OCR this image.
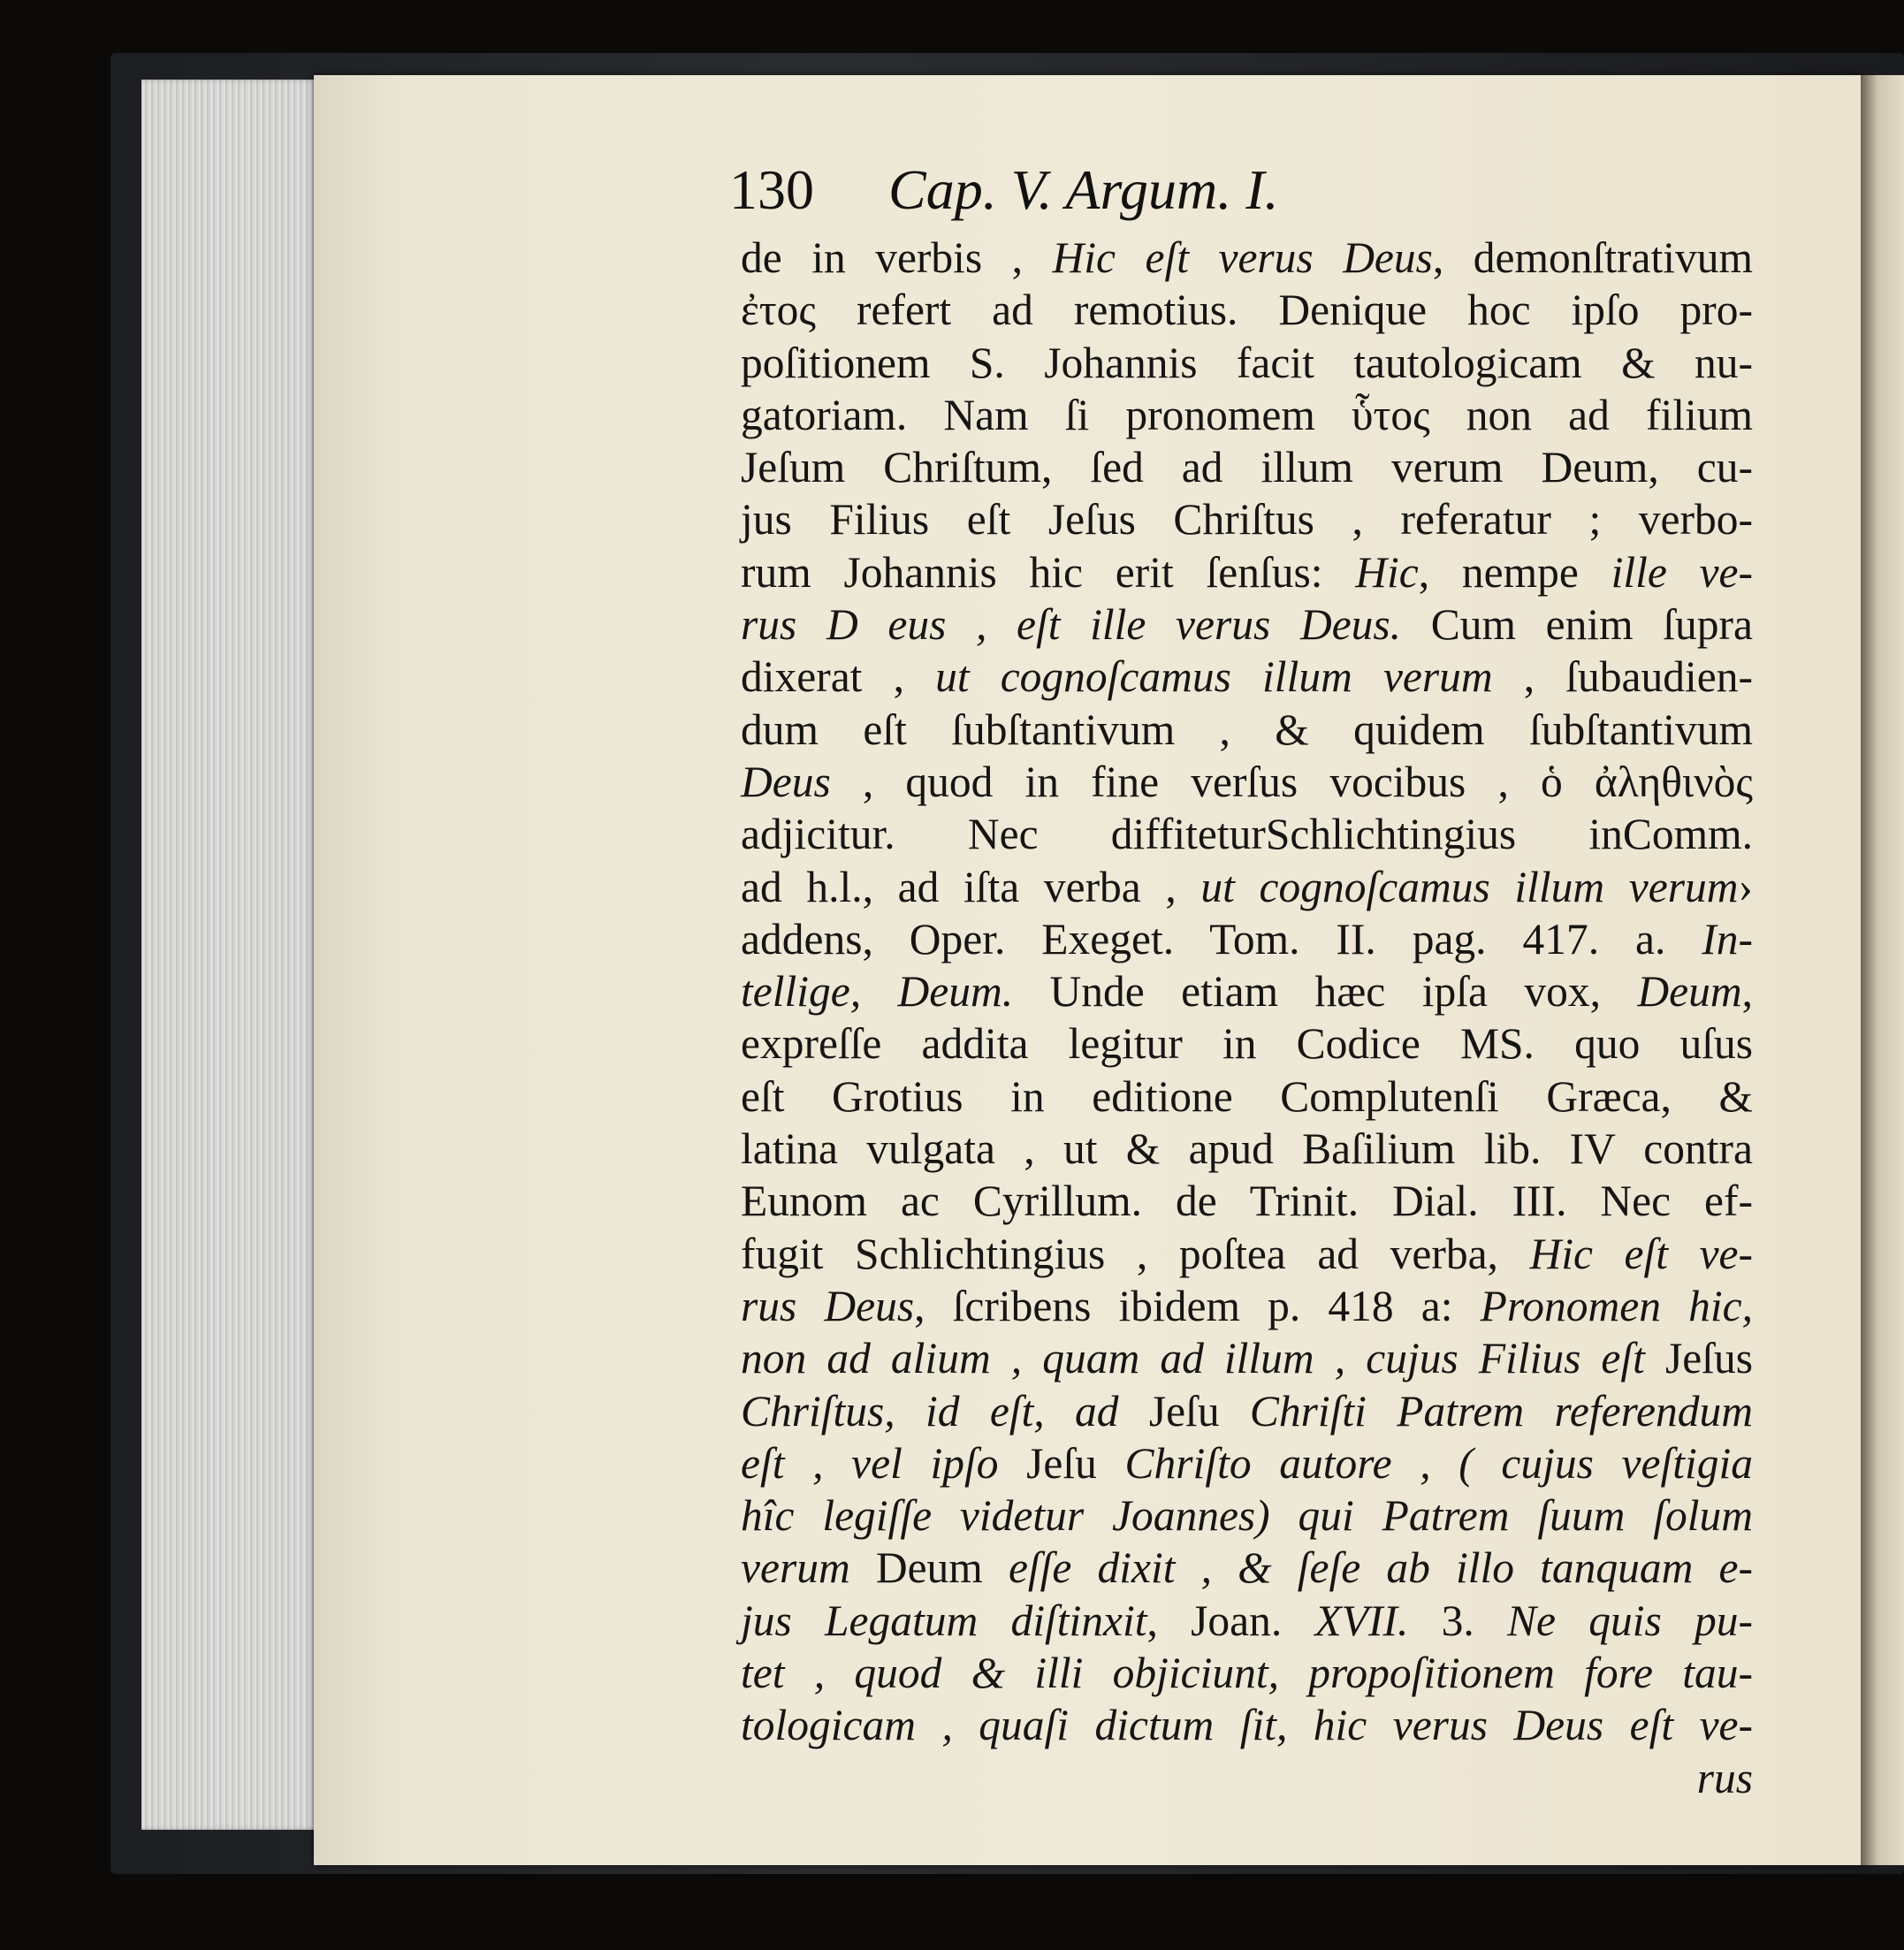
130 Cap. V. Argum. I.
de in verbis , Hic eſt verus Deus, demonſtrativum
ἐτος refert ad remotius. Denique hoc ipſo pro-
poſitionem S. Johannis facit tautologicam & nu-
gatoriam. Nam ſi pronomem ὗτος non ad filium
Jeſum Chriſtum, ſed ad illum verum Deum, cu-
jus Filius eſt Jeſus Chriſtus , referatur ; verbo-
rum Johannis hic erit ſenſus: Hic, nempe ille ve-
rus D eus , eſt ille verus Deus. Cum enim ſupra
dixerat , ut cognoſcamus illum verum , ſubaudien-
dum eſt ſubſtantivum , & quidem ſubſtantivum
Deus , quod in fine verſus vocibus , ὁ ἀληθινὸς
adjicitur. Nec diffiteturSchlichtingius inComm.
ad h.l., ad iſta verba , ut cognoſcamus illum verum›
addens, Oper. Exeget. Tom. II. pag. 417. a. In-
tellige, Deum. Unde etiam hæc ipſa vox, Deum,
expreſſe addita legitur in Codice MS. quo uſus
eſt Grotius in editione Complutenſi Græca, &
latina vulgata , ut & apud Baſilium lib. IV contra
Eunom ac Cyrillum. de Trinit. Dial. III. Nec ef-
fugit Schlichtingius , poſtea ad verba, Hic eſt ve-
rus Deus, ſcribens ibidem p. 418 a: Pronomen hic,
non ad alium , quam ad illum , cujus Filius eſt Jeſus
Chriſtus, id eſt, ad Jeſu Chriſti Patrem referendum
eſt , vel ipſo Jeſu Chriſto autore , ( cujus veſtigia
hîc legiſſe videtur Joannes) qui Patrem ſuum ſolum
verum Deum eſſe dixit , & ſeſe ab illo tanquam e-
jus Legatum diſtinxit, Joan. XVII. 3. Ne quis pu-
tet , quod & illi objiciunt, propoſitionem fore tau-
tologicam , quaſi dictum ſit, hic verus Deus eſt ve-
rus
